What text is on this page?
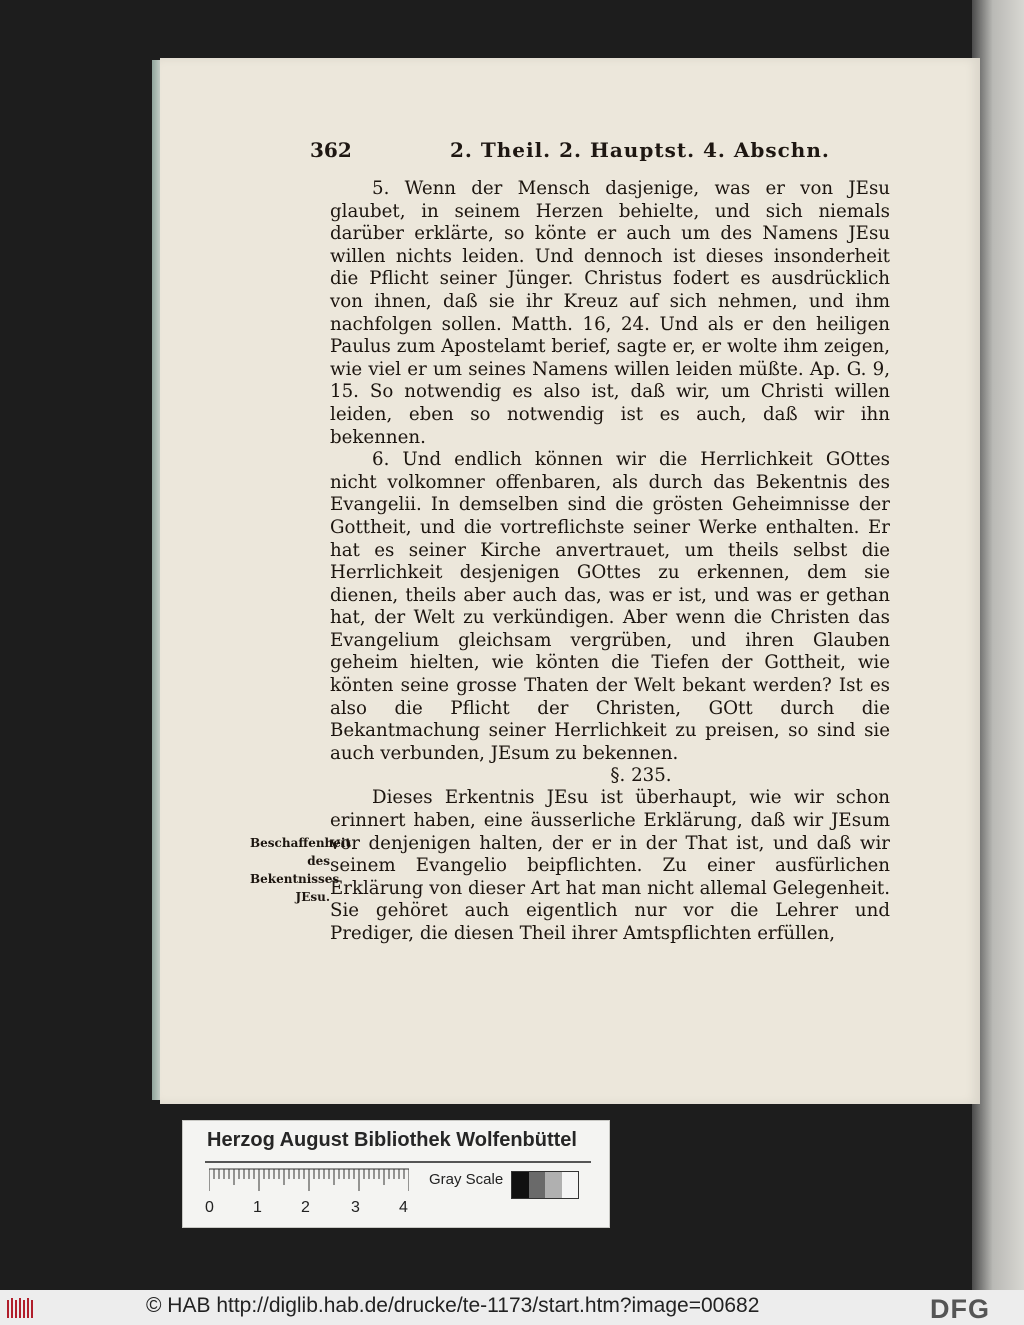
362	2. Theil. 2. Hauptst. 4. Abschn.
Beschaffenheit des Bekentnisses JEsu.

5. Wenn der Mensch dasjenige, was er von JEsu glaubet, in seinem Herzen behielte, und sich niemals darüber erklärte, so könte er auch um des Namens JEsu willen nichts leiden. Und dennoch ist dieses insonderheit die Pflicht seiner Jünger. Christus fodert es ausdrücklich von ihnen, daß sie ihr Kreuz auf sich nehmen, und ihm nachfolgen sollen. Matth. 16, 24. Und als er den heiligen Paulus zum Apostelamt berief, sagte er, er wolte ihm zeigen, wie viel er um seines Namens willen leiden müßte. Ap. G. 9, 15. So notwendig es also ist, daß wir, um Christi willen leiden, eben so notwendig ist es auch, daß wir ihn bekennen.

6. Und endlich können wir die Herrlichkeit GOttes nicht volkomner offenbaren, als durch das Bekentnis des Evangelii. In demselben sind die grösten Geheimnisse der Gottheit, und die vortreflichste seiner Werke enthalten. Er hat es seiner Kirche anvertrauet, um theils selbst die Herrlichkeit desjenigen GOttes zu erkennen, dem sie dienen, theils aber auch das, was er ist, und was er gethan hat, der Welt zu verkündigen. Aber wenn die Christen das Evangelium gleichsam vergrüben, und ihren Glauben geheim hielten, wie könten die Tiefen der Gottheit, wie könten seine grosse Thaten der Welt bekant werden? Ist es also die Pflicht der Christen, GOtt durch die Bekantmachung seiner Herrlichkeit zu preisen, so sind sie auch verbunden, JEsum zu bekennen.

§. 235.

Dieses Erkentnis JEsu ist überhaupt, wie wir schon erinnert haben, eine äusserliche Erklärung, daß wir JEsum vor denjenigen halten, der er in der That ist, und daß wir seinem Evangelio beipflichten. Zu einer ausfürlichen Erklärung von dieser Art hat man nicht allemal Gelegenheit. Sie gehöret auch eigentlich nur vor die Lehrer und Prediger, die diesen Theil ihrer Amtspflichten erfüllen,

Herzog August Bibliothek Wolfenbüttel
0 1 2	3 4
Gray Scale
© HAB http://diglib.hab.de/drucke/te-1173/start.htm?image=00682	DFG
